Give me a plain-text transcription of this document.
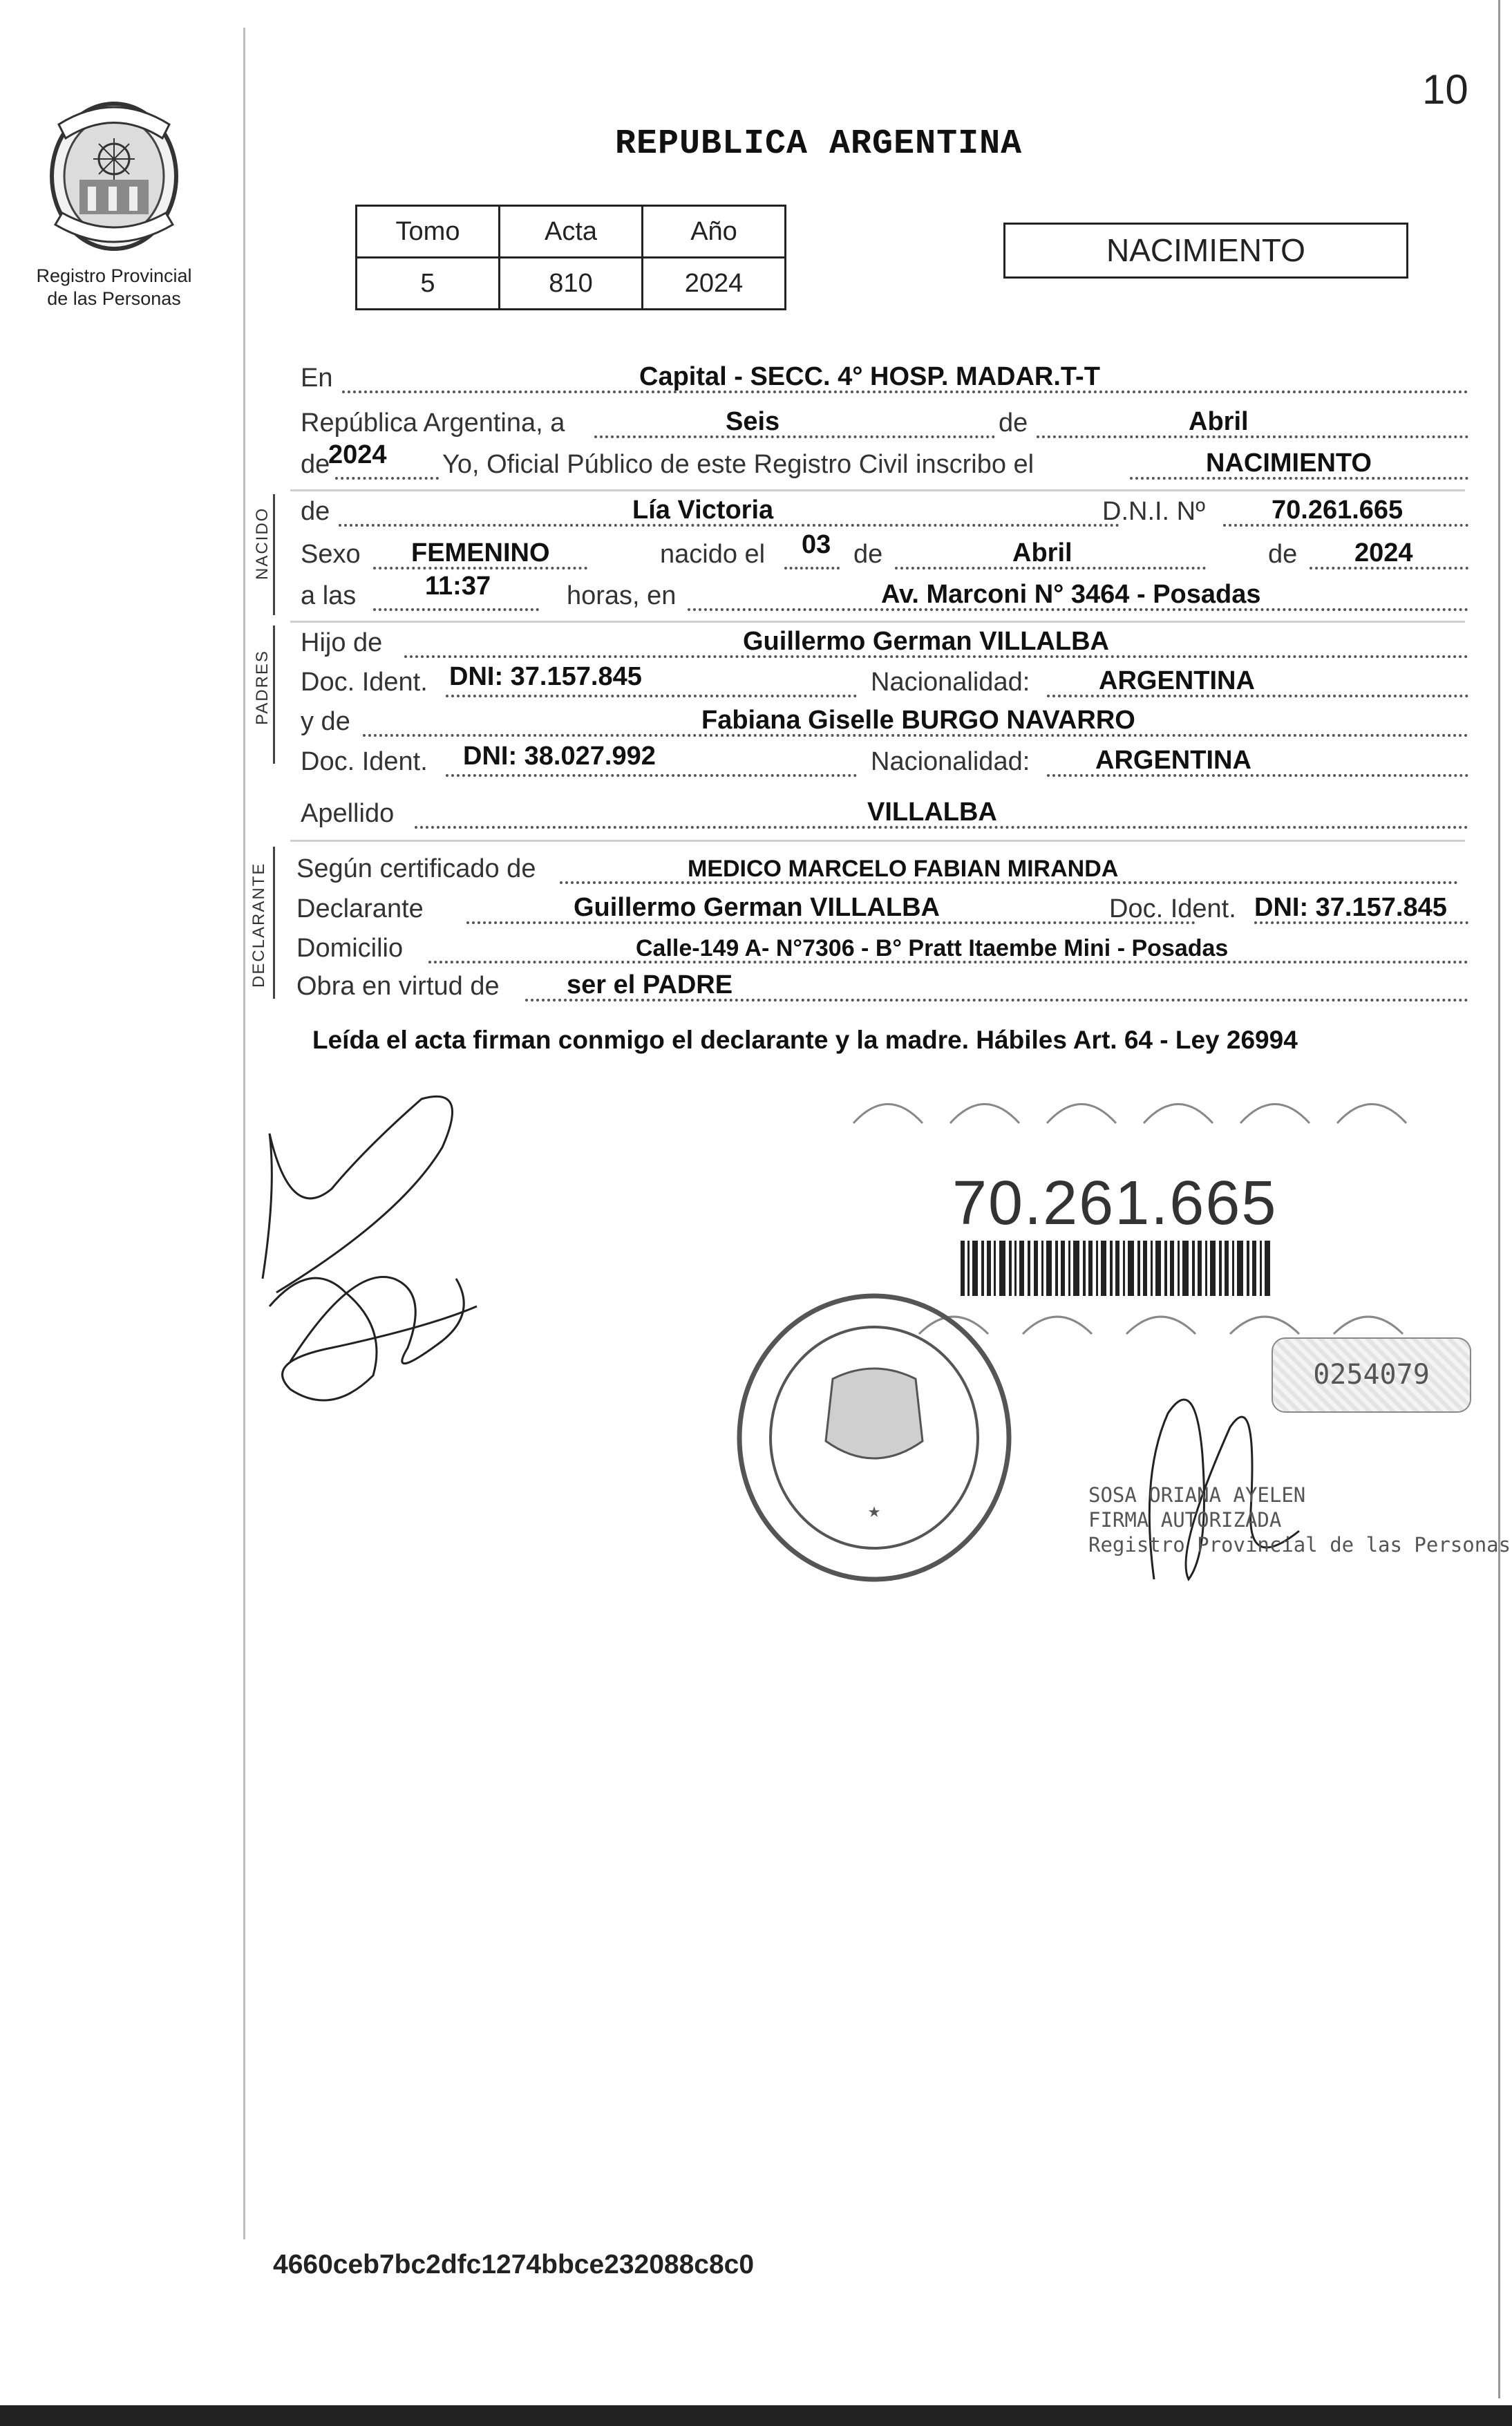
10
Registro Provincial
de las Personas
REPUBLICA ARGENTINA
Tomo	Acta	Año
5	810	2024
NACIMIENTO
En	Capital - SECC. 4° HOSP. MADAR.T-T
República Argentina, a	Seis	de	Abril
de
2024 Yo, Oficial Público de este Registro Civil inscribo el	NACIMIENTO
NACIDO de	Lía Victoria	D.N.I. Nº	70.261.665
Sexo FEMENINO	nacido el 03 de	Abril	de 2024
a las	11:37	horas, en	Av. Marconi N° 3464 - Posadas
PADRES
Hijo de	Guillermo German VILLALBA
Doc. Ident. DNI: 37.157.845	Nacionalidad:	ARGENTINA
y de	Fabiana Giselle BURGO NAVARRO
Doc. Ident. DNI: 38.027.992	Nacionalidad: ARGENTINA
Apellido	VILLALBA
DECLARANTE Según certificado de	MEDICO MARCELO FABIAN MIRANDA
Declarante	Guillermo German VILLALBA	Doc. Ident. DNI: 37.157.845
Domicilio	Calle-149 A- N°7306 - B° Pratt Itaembe Mini - Posadas
Obra en virtud de	ser el PADRE
Leída el acta firman conmigo el declarante y la madre. Hábiles Art. 64 - Ley 26994
70.261.665
0254079
★
SOSA ORIANA AYELEN
FIRMA AUTORIZADA
Registro Provincial de las Personas
4660ceb7bc2dfc1274bbce232088c8c0
